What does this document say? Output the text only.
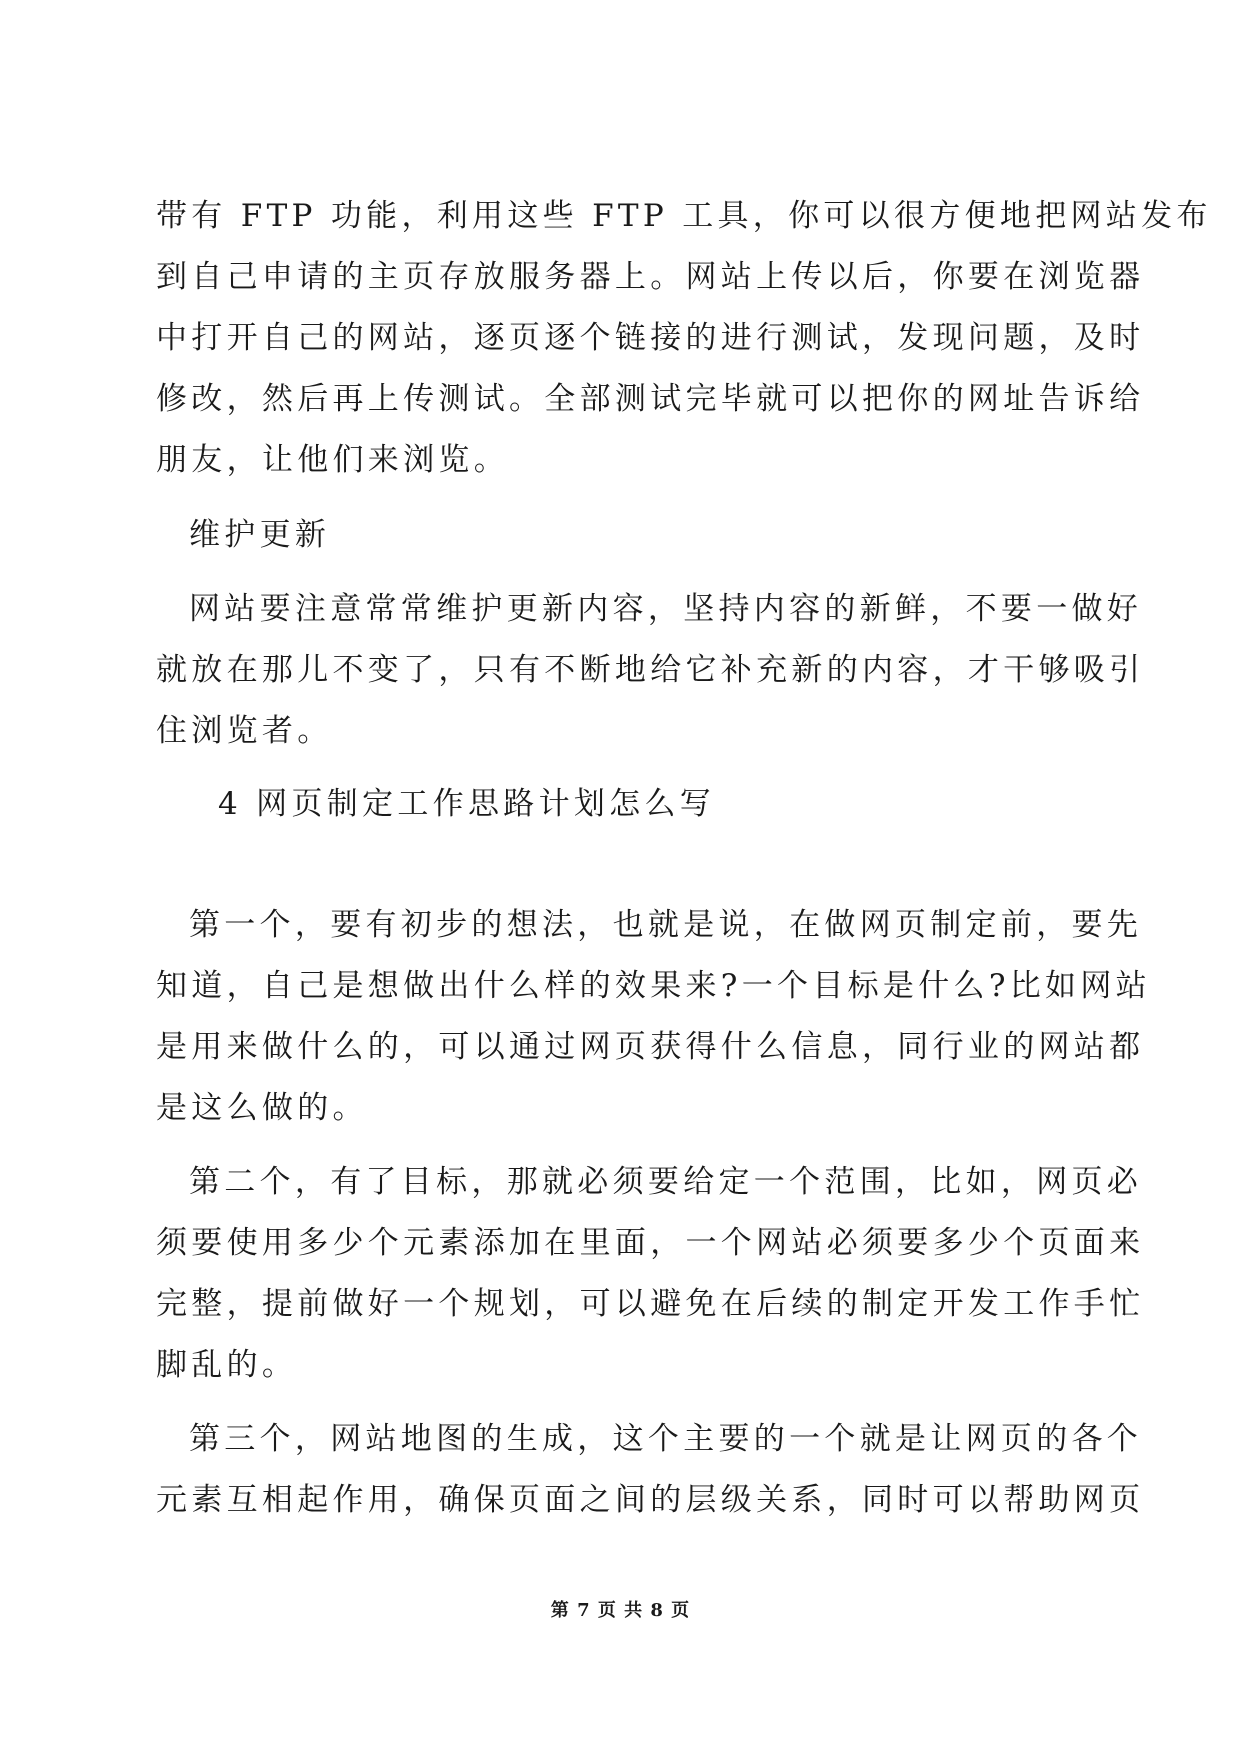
带有 FTP 功能，利用这些 FTP 工具，你可以很方便地把网站发布
到自己申请的主页存放服务器上。网站上传以后，你要在浏览器
中打开自己的网站，逐页逐个链接的进行测试，发现问题，及时
修改，然后再上传测试。全部测试完毕就可以把你的网址告诉给
朋友，让他们来浏览。
维护更新
网站要注意常常维护更新内容，坚持内容的新鲜，不要一做好
就放在那儿不变了，只有不断地给它补充新的内容，才干够吸引
住浏览者。
4 网页制定工作思路计划怎么写
第一个，要有初步的想法，也就是说，在做网页制定前，要先
知道，自己是想做出什么样的效果来?一个目标是什么?比如网站
是用来做什么的，可以通过网页获得什么信息，同行业的网站都
是这么做的。
第二个，有了目标，那就必须要给定一个范围，比如，网页必
须要使用多少个元素添加在里面，一个网站必须要多少个页面来
完整，提前做好一个规划，可以避免在后续的制定开发工作手忙
脚乱的。
第三个，网站地图的生成，这个主要的一个就是让网页的各个
元素互相起作用，确保页面之间的层级关系，同时可以帮助网页
第 7 页 共 8 页
